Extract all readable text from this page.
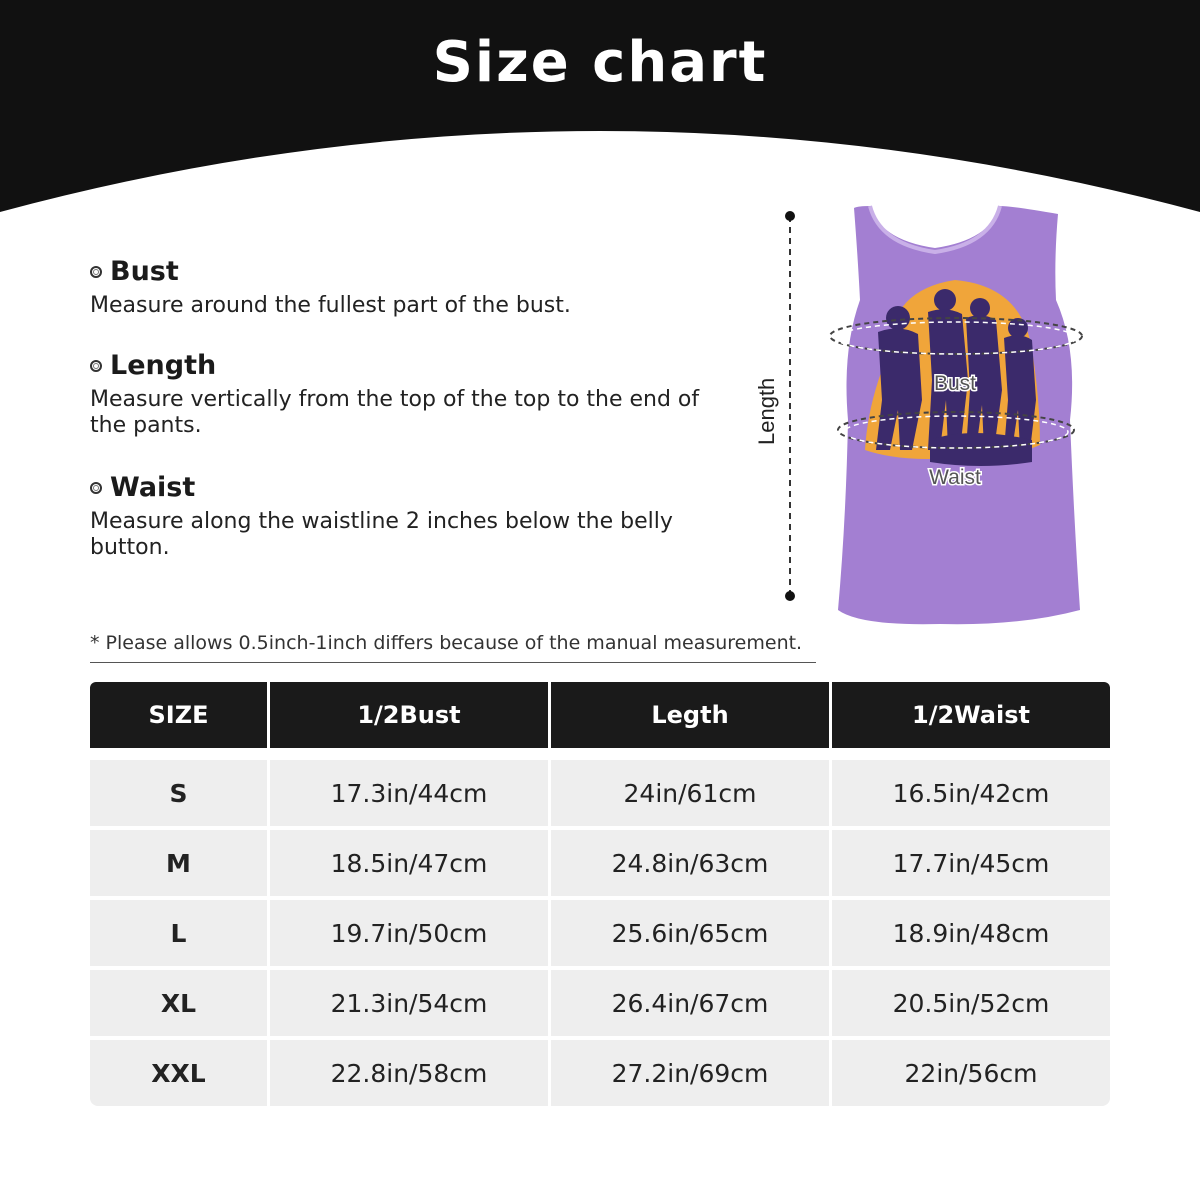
Size chart
Bust
Measure around the fullest part of the bust.
Length
Measure vertically from the top of the top to the end of the pants.
Waist
Measure along the waistline 2 inches below the belly button.
* Please allows 0.5inch-1inch differs because of the manual measurement.
Length	Bust
Waist
SIZE	1/2Bust	Legth	1/2Waist

S	17.3in/44cm	24in/61cm	16.5in/42cm
M	18.5in/47cm	24.8in/63cm	17.7in/45cm
L	19.7in/50cm	25.6in/65cm	18.9in/48cm
XL	21.3in/54cm	26.4in/67cm	20.5in/52cm
XXL	22.8in/58cm	27.2in/69cm	22in/56cm
